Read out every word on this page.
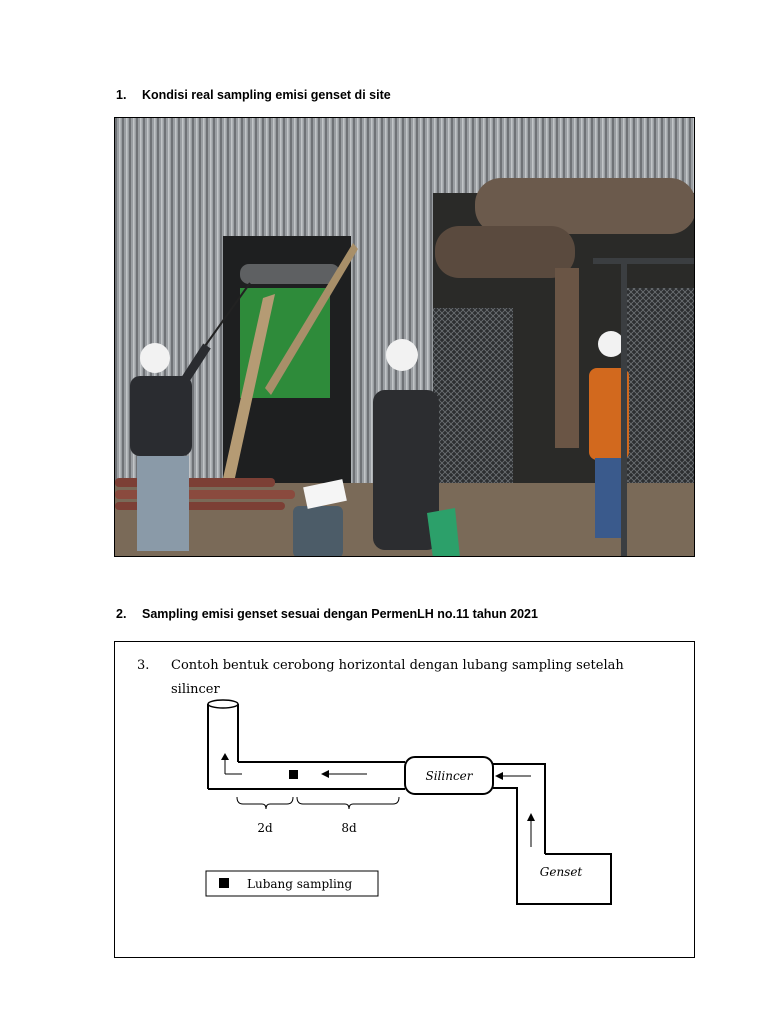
1. Kondisi real sampling emisi genset di site
2. Sampling emisi genset sesuai dengan PermenLH no.11 tahun 2021
Silincer
Genset
2d	8d
Lubang sampling
3. Contoh bentuk cerobong horizontal dengan lubang sampling setelah
silincer
